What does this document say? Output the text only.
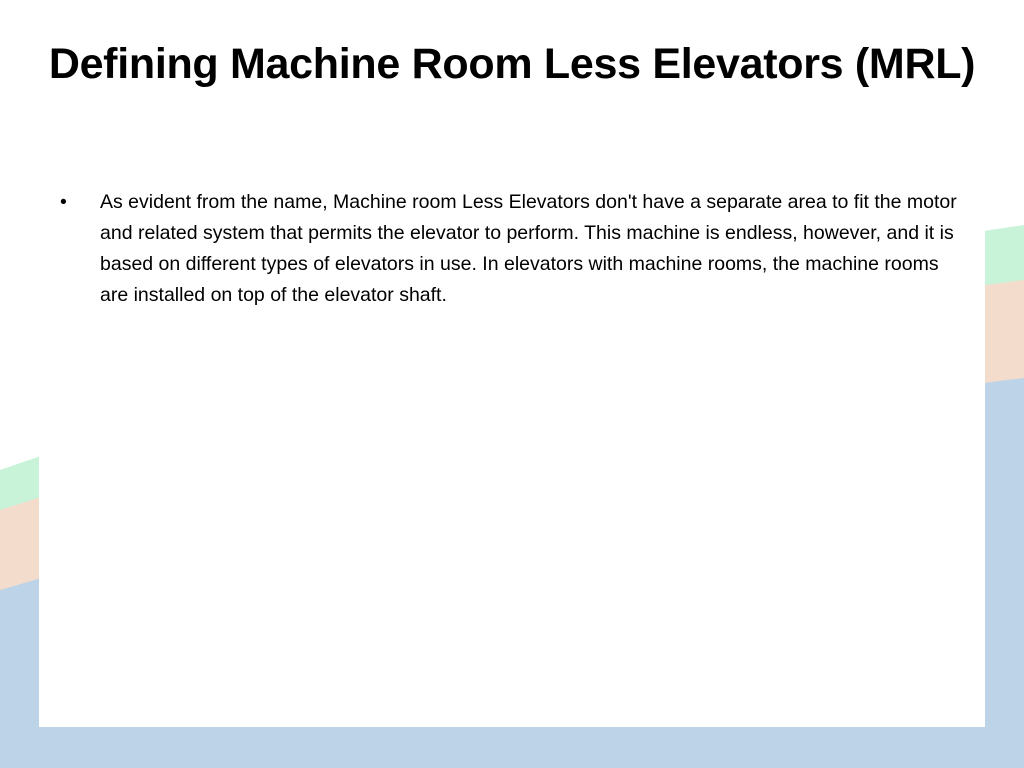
Defining Machine Room Less Elevators (MRL)
• As evident from the name, Machine room Less Elevators don't have a separate area to fit the motor and related system that permits the elevator to perform. This machine is endless, however, and it is based on different types of elevators in use. In elevators with machine rooms, the machine rooms are installed on top of the elevator shaft.
